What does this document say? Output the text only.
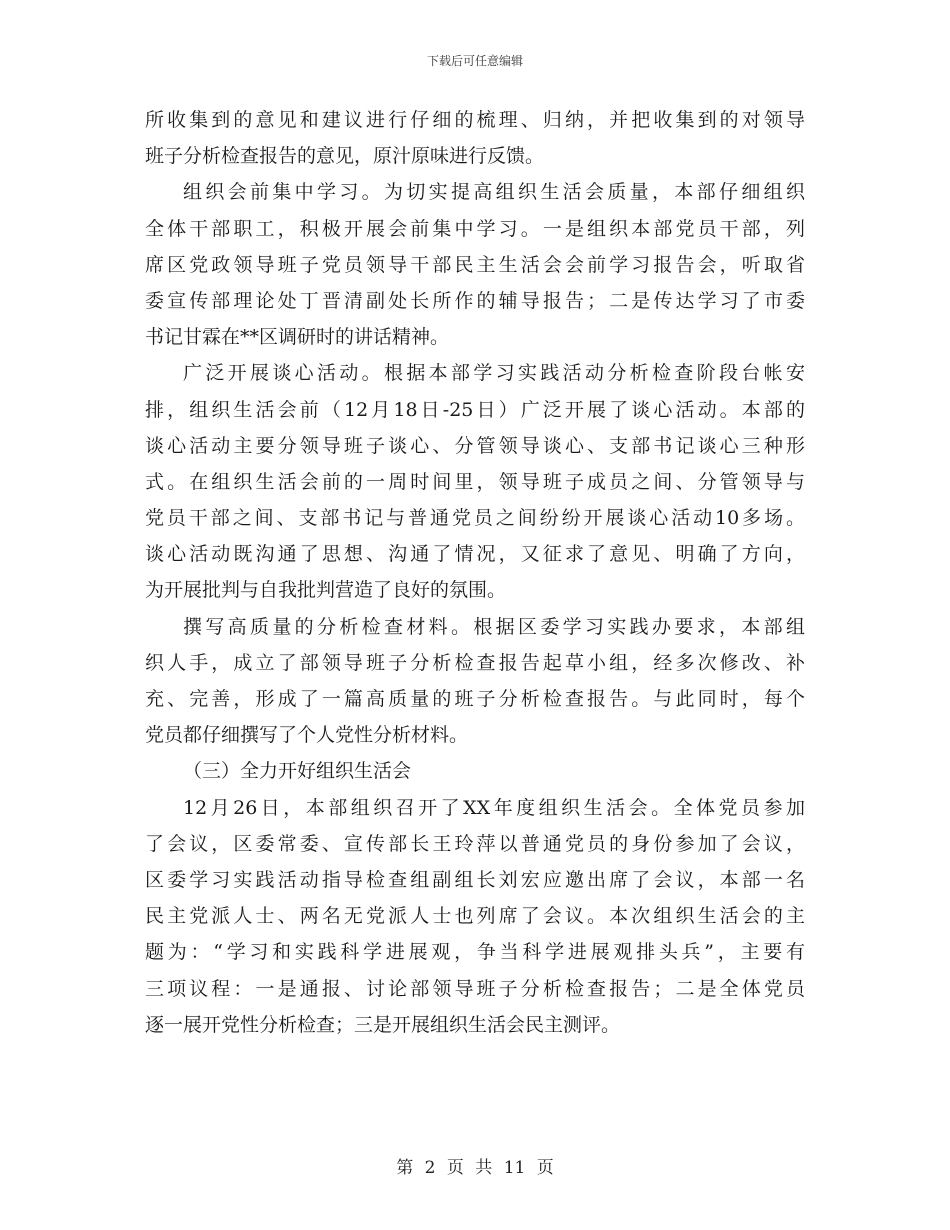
下载后可任意编辑
所收集到的意见和建议进行仔细的梳理、归纳，并把收集到的对领导
班子分析检查报告的意见，原汁原味进行反馈。
组织会前集中学习。为切实提高组织生活会质量，本部仔细组织
全体干部职工，积极开展会前集中学习。一是组织本部党员干部，列
席区党政领导班子党员领导干部民主生活会会前学习报告会，听取省
委宣传部理论处丁晋清副处长所作的辅导报告；二是传达学习了市委
书记甘霖在**区调研时的讲话精神。
广泛开展谈心活动。根据本部学习实践活动分析检查阶段台帐安
排，组织生活会前（12月18日-25日）广泛开展了谈心活动。本部的
谈心活动主要分领导班子谈心、分管领导谈心、支部书记谈心三种形
式。在组织生活会前的一周时间里，领导班子成员之间、分管领导与
党员干部之间、支部书记与普通党员之间纷纷开展谈心活动10多场。
谈心活动既沟通了思想、沟通了情况，又征求了意见、明确了方向，
为开展批判与自我批判营造了良好的氛围。
撰写高质量的分析检查材料。根据区委学习实践办要求，本部组
织人手，成立了部领导班子分析检查报告起草小组，经多次修改、补
充、完善，形成了一篇高质量的班子分析检查报告。与此同时，每个
党员都仔细撰写了个人党性分析材料。
（三）全力开好组织生活会
12月26日，本部组织召开了XX年度组织生活会。全体党员参加
了会议，区委常委、宣传部长王玲萍以普通党员的身份参加了会议，
区委学习实践活动指导检查组副组长刘宏应邀出席了会议，本部一名
民主党派人士、两名无党派人士也列席了会议。本次组织生活会的主
题为：“学习和实践科学进展观，争当科学进展观排头兵”，主要有
三项议程：一是通报、讨论部领导班子分析检查报告；二是全体党员
逐一展开党性分析检查；三是开展组织生活会民主测评。
第 2 页 共 11 页
